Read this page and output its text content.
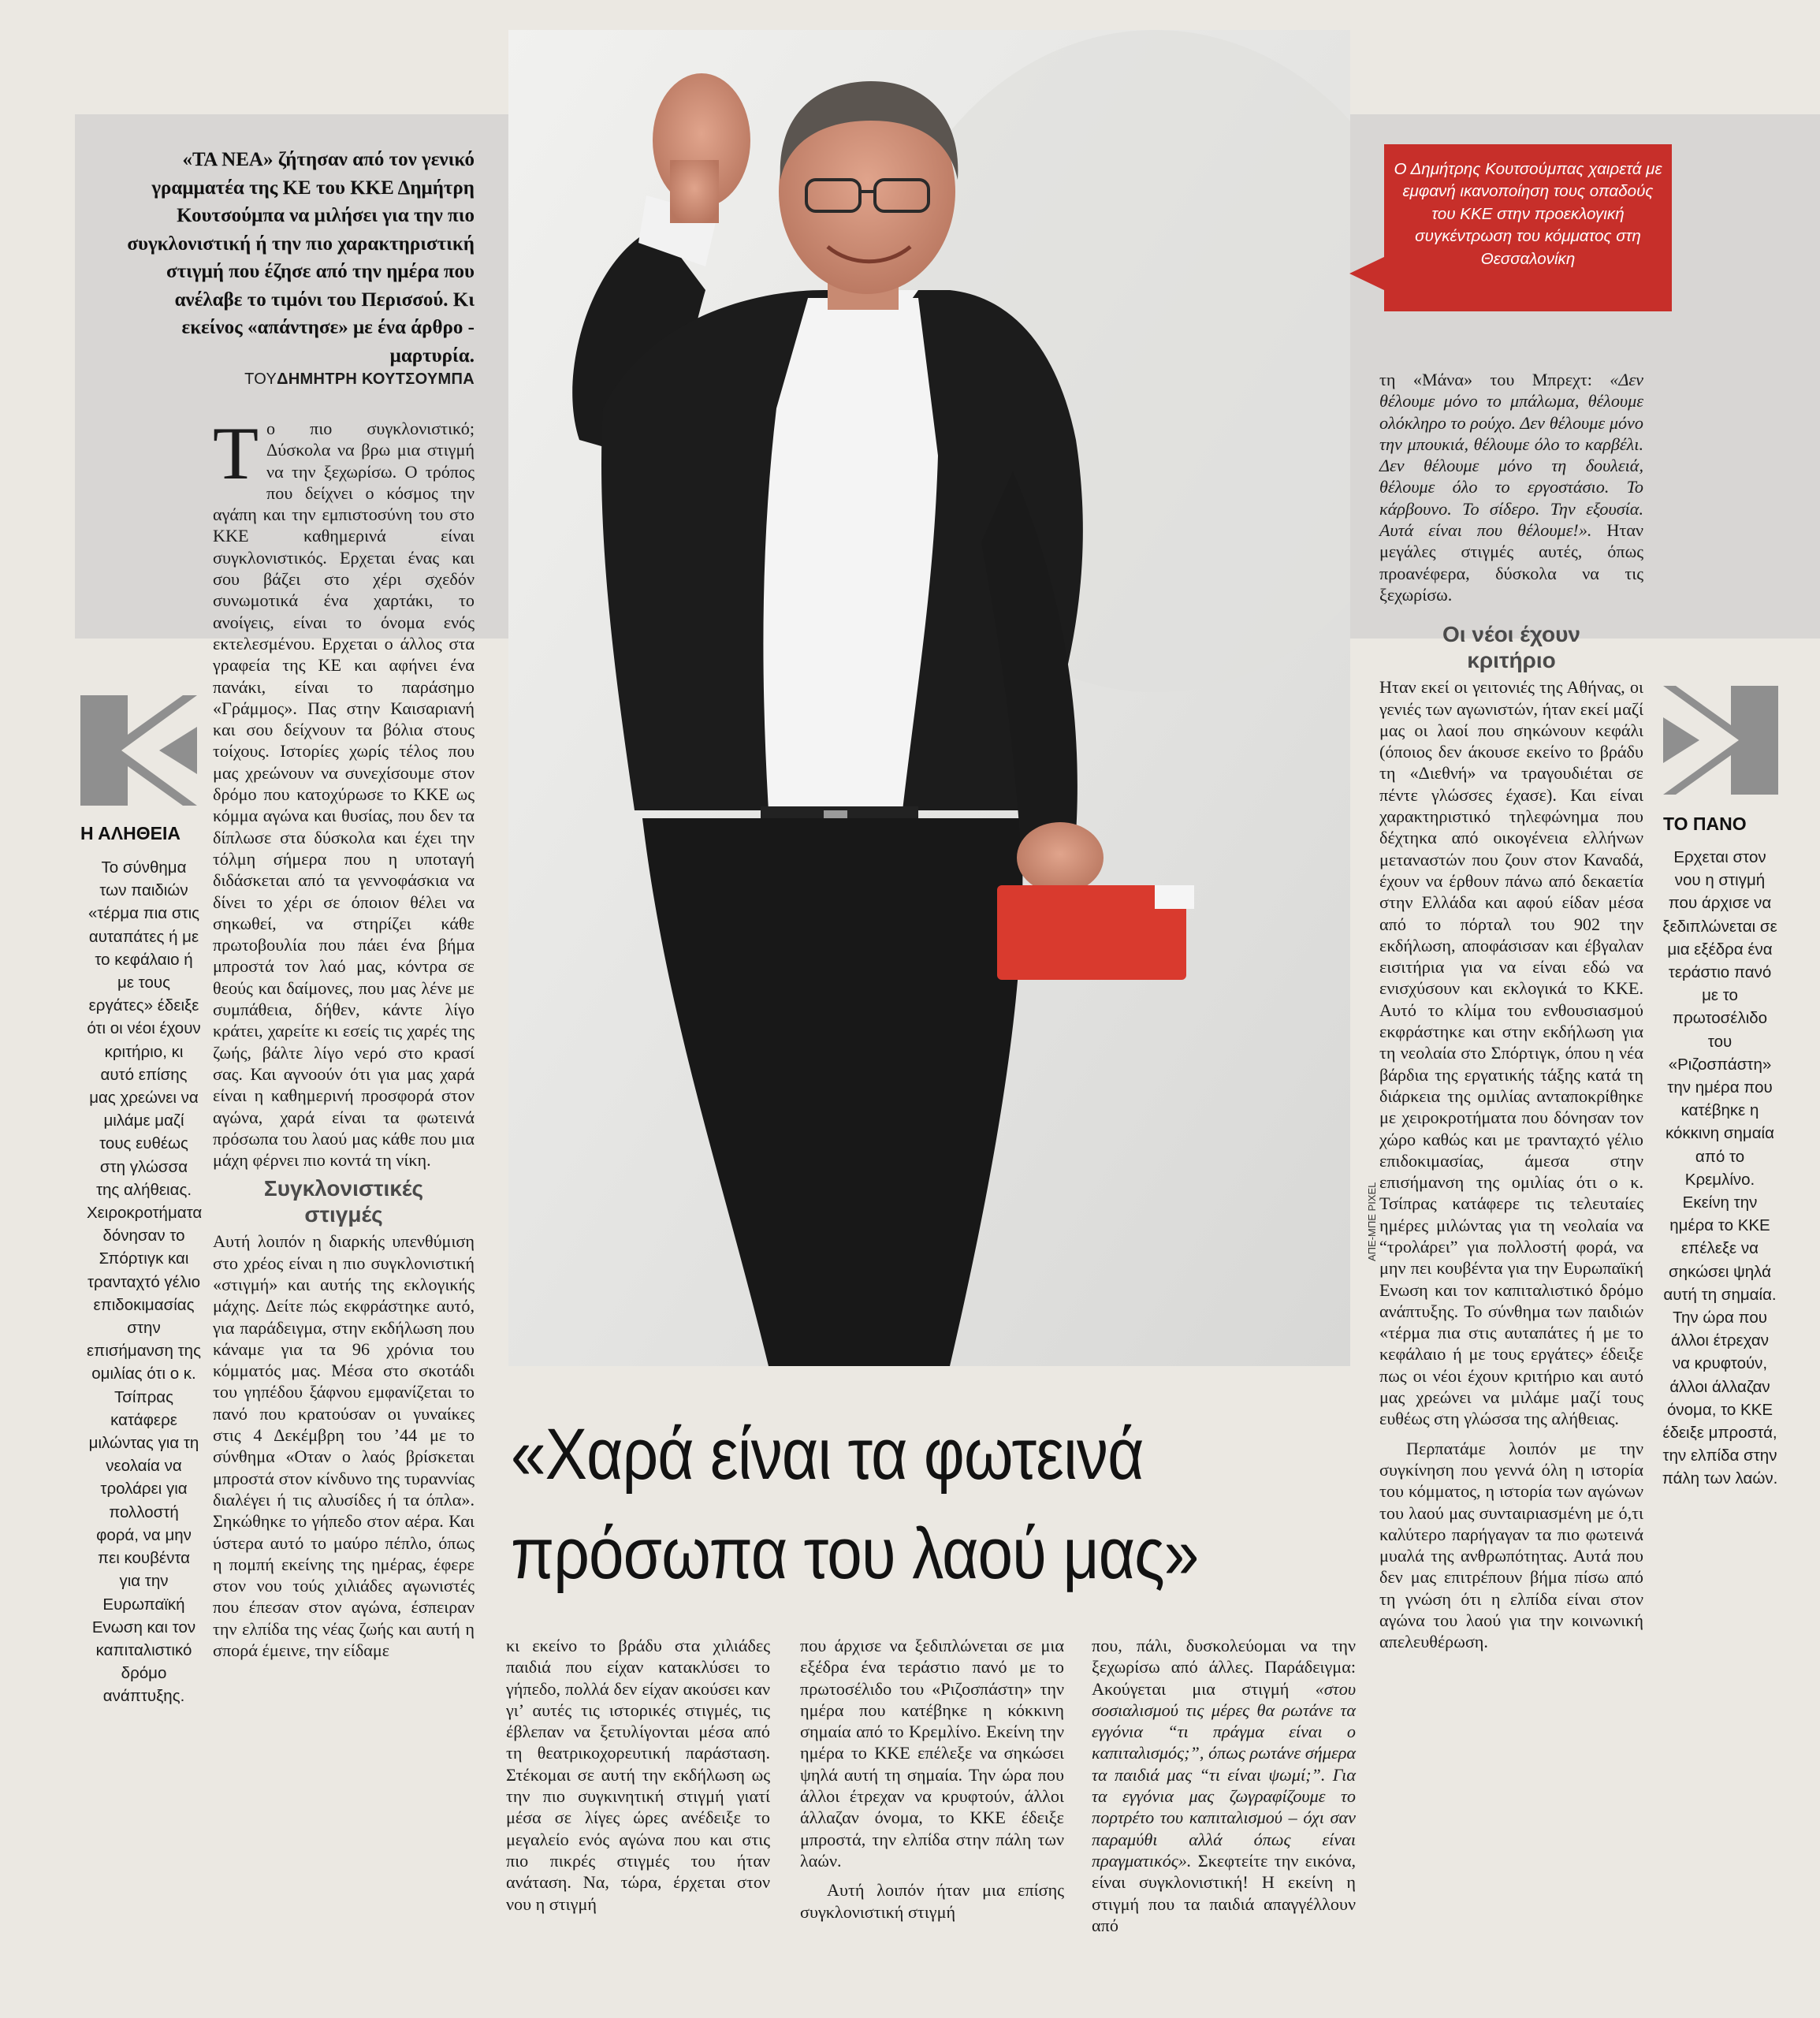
«ΤΑ ΝΕΑ» ζήτησαν από τον γενικό γραμματέα της ΚΕ του ΚΚΕ Δημήτρη Κουτσούμπα να μιλήσει για την πιο συγκλονιστική ή την πιο χαρακτηριστική στιγμή που έζησε από την ημέρα που ανέλαβε το τιμόνι του Περισσού. Κι εκείνος «απάντησε» με ένα άρθρο - μαρτυρία.
ΤΟΥΔΗΜΗΤΡΗ ΚΟΥΤΣΟΥΜΠΑ

Το πιο συγκλονιστικό; Δύσκολα να βρω μια στιγμή να την ξεχωρίσω. Ο τρόπος που δείχνει ο κόσμος την αγάπη και την εμπιστοσύνη του στο ΚΚΕ καθημερινά είναι συγκλονιστικός. Ερχεται ένας και σου βάζει στο χέρι σχεδόν συνωμοτικά ένα χαρτάκι, το ανοίγεις, είναι το όνομα ενός εκτελεσμένου. Ερχεται ο άλλος στα γραφεία της ΚΕ και αφήνει ένα πανάκι, είναι το παράσημο «Γράμμος». Πας στην Καισαριανή και σου δείχνουν τα βόλια στους τοίχους. Ιστορίες χωρίς τέλος που μας χρεώνουν να συνεχίσουμε στον δρόμο που κατοχύρωσε το ΚΚΕ ως κόμμα αγώνα και θυσίας, που δεν τα δίπλωσε στα δύσκολα και έχει την τόλμη σήμερα που η υποταγή διδάσκεται από τα γεννοφάσκια να δίνει το χέρι σε όποιον θέλει να σηκωθεί, να στηρίζει κάθε πρωτοβουλία που πάει ένα βήμα μπροστά τον λαό μας, κόντρα σε θεούς και δαίμονες, που μας λένε με συμπάθεια, δήθεν, κάντε λίγο κράτει, χαρείτε κι εσείς τις χαρές της ζωής, βάλτε λίγο νερό στο κρασί σας. Και αγνοούν ότι για μας χαρά είναι η καθημερινή προσφορά στον αγώνα, χαρά είναι τα φωτεινά πρόσωπα του λαού μας κάθε που μια μάχη φέρνει πιο κοντά τη νίκη.

Συγκλονιστικές στιγμές

Αυτή λοιπόν η διαρκής υπενθύμιση στο χρέος είναι η πιο συγκλονιστική «στιγμή» και αυτής της εκλογικής μάχης. Δείτε πώς εκφράστηκε αυτό, για παράδειγμα, στην εκδήλωση που κάναμε για τα 96 χρόνια του κόμματός μας. Μέσα στο σκοτάδι του γηπέδου ξάφνου εμφανίζεται το πανό που κρατούσαν οι γυναίκες στις 4 Δεκέμβρη του ’44 με το σύνθημα «Οταν ο λαός βρίσκεται μπροστά στον κίνδυνο της τυραννίας διαλέγει ή τις αλυσίδες ή τα όπλα». Σηκώθηκε το γήπεδο στον αέρα. Και ύστερα αυτό το μαύρο πέπλο, όπως η πομπή εκείνης της ημέρας, έφερε στον νου τούς χιλιάδες αγωνιστές που έπεσαν στον αγώνα, έσπειραν την ελπίδα της νέας ζωής και αυτή η σπορά έμεινε, την είδαμε	κι εκείνο το βράδυ στα χιλιάδες παιδιά που είχαν κατακλύσει το γήπεδο, πολλά δεν είχαν ακούσει καν γι’ αυτές τις ιστορικές στιγμές, τις έβλεπαν να ξετυλίγονται μέσα από τη θεατρικοχορευτική παράσταση. Στέκομαι σε αυτή την εκδήλωση ως την πιο συγκινητική στιγμή γιατί μέσα σε λίγες ώρες ανέδειξε το μεγαλείο ενός αγώνα που και στις πιο πικρές στιγμές του ήταν ανάταση. Να, τώρα, έρχεται στον νου η στιγμή

που άρχισε να ξεδιπλώνεται σε μια εξέδρα ένα τεράστιο πανό με το πρωτοσέλιδο του «Ριζοσπάστη» την ημέρα που κατέβηκε η κόκκινη σημαία από το Κρεμλίνο. Εκείνη την ημέρα το ΚΚΕ επέλεξε να σηκώσει ψηλά αυτή τη σημαία. Την ώρα που άλλοι έτρεχαν να κρυφτούν, άλλοι άλλαζαν όνομα, το ΚΚΕ έδειξε μπροστά, την ελπίδα στην πάλη των λαών.

Αυτή λοιπόν ήταν μια επίσης συγκλονιστική στιγμή

που, πάλι, δυσκολεύομαι να την ξεχωρίσω από άλλες. Παράδειγμα: Ακούγεται μια στιγμή «στου σοσιαλισμού τις μέρες θα ρωτάνε τα εγγόνια “τι πράγμα είναι ο καπιταλισμός;”, όπως ρωτάνε σήμερα τα παιδιά μας “τι είναι ψωμί;”. Για τα εγγόνια μας ζωγραφίζουμε το πορτρέτο του καπιταλισμού – όχι σαν παραμύθι αλλά όπως είναι πραγματικός». Σκεφτείτε την εικόνα, είναι συγκλονιστική! Η εκείνη η στιγμή που τα παιδιά απαγγέλλουν από

τη «Μάνα» του Μπρεχτ: «Δεν θέλουμε μόνο το μπάλωμα, θέλουμε ολόκληρο το ρούχο. Δεν θέλουμε μόνο την μπουκιά, θέλουμε όλο το καρβέλι. Δεν θέλουμε μόνο τη δουλειά, θέλουμε όλο το εργοστάσιο. Το κάρβουνο. Το σίδερο. Την εξουσία. Αυτά είναι που θέλουμε!». Ηταν μεγάλες στιγμές αυτές, όπως προανέφερα, δύσκολα να τις ξεχωρίσω.

Οι νέοι έχουν κριτήριο

Ηταν εκεί οι γειτονιές της Αθήνας, οι γενιές των αγωνιστών, ήταν εκεί μαζί μας οι λαοί που σηκώνουν κεφάλι (όποιος δεν άκουσε εκείνο το βράδυ τη «Διεθνή» να τραγουδιέται σε πέντε γλώσσες έχασε). Και είναι χαρακτηριστικό τηλεφώνημα που δέχτηκα από οικογένεια ελλήνων μεταναστών που ζουν στον Καναδά, έχουν να έρθουν πάνω από δεκαετία στην Ελλάδα και αφού είδαν μέσα από το πόρταλ του 902 την εκδήλωση, αποφάσισαν και έβγαλαν εισιτήρια για να είναι εδώ να ενισχύσουν και εκλογικά το ΚΚΕ. Αυτό το κλίμα του ενθουσιασμού εκφράστηκε και στην εκδήλωση για τη νεολαία στο Σπόρτιγκ, όπου η νέα βάρδια της εργατικής τάξης κατά τη διάρκεια της ομιλίας ανταποκρίθηκε με χειροκροτήματα που δόνησαν τον χώρο καθώς και με τρανταχτό γέλιο επιδοκιμασίας, άμεσα στην επισήμανση της ομιλίας ότι ο κ. Τσίπρας κατάφερε τις τελευταίες ημέρες μιλώντας για τη νεολαία να “τρολάρει” για πολλοστή φορά, να μην πει κουβέντα για την Ευρωπαϊκή Ενωση και τον καπιταλιστικό δρόμο ανάπτυξης. Το σύνθημα των παιδιών «τέρμα πια στις αυταπάτες ή με το κεφάλαιο ή με τους εργάτες» έδειξε πως οι νέοι έχουν κριτήριο και αυτό μας χρεώνει να μιλάμε μαζί τους ευθέως στη γλώσσα της αλήθειας.

Περπατάμε λοιπόν με την συγκίνηση που γεννά όλη η ιστορία του κόμματος, η ιστορία των αγώνων του λαού μας συνταιριασμένη με ό,τι καλύτερο παρήγαγαν τα πιο φωτεινά μυαλά της ανθρωπότητας. Αυτά που δεν μας επιτρέπουν βήμα πίσω από τη γνώση ότι η ελπίδα είναι στον αγώνα του λαού για την κοινωνική απελευθέρωση.

Η ΑΛΗΘΕΙΑ
Το σύνθημα των παιδιών «τέρμα πια στις αυταπάτες ή με το κεφάλαιο ή με τους εργάτες» έδειξε ότι οι νέοι έχουν κριτήριο, κι αυτό επίσης μας χρεώνει να μιλάμε μαζί τους ευθέως στη γλώσσα της αλήθειας. Χειροκροτήματα δόνησαν το Σπόρτιγκ και τρανταχτό γέλιο επιδοκιμασίας στην επισήμανση της ομιλίας ότι ο κ. Τσίπρας κατάφερε μιλώντας για τη νεολαία να τρολάρει για πολλοστή φορά, να μην πει κουβέντα για την Ευρωπαϊκή Ενωση και τον καπιταλιστικό δρόμο ανάπτυξης.
ΤΟ ΠΑΝΟ
Ερχεται στον νου η στιγμή που άρχισε να ξεδιπλώνεται σε μια εξέδρα ένα τεράστιο πανό με το πρωτοσέλιδο του «Ριζοσπάστη» την ημέρα που κατέβηκε η κόκκινη σημαία από το Κρεμλίνο. Εκείνη την ημέρα το ΚΚΕ επέλεξε να σηκώσει ψηλά αυτή τη σημαία. Την ώρα που άλλοι έτρεχαν να κρυφτούν, άλλοι άλλαζαν όνομα, το ΚΚΕ έδειξε μπροστά, την ελπίδα στην πάλη των λαών.
ΑΠΕ-ΜΠΕ PIXEL
Ο Δημήτρης Κουτσούμπας χαιρετά με εμφανή ικανοποίηση τους οπαδούς του ΚΚΕ στην προεκλογική συγκέντρωση του κόμματος στη Θεσσαλονίκη
«Χαρά είναι τα φωτεινά
πρόσωπα του λαού μας»
